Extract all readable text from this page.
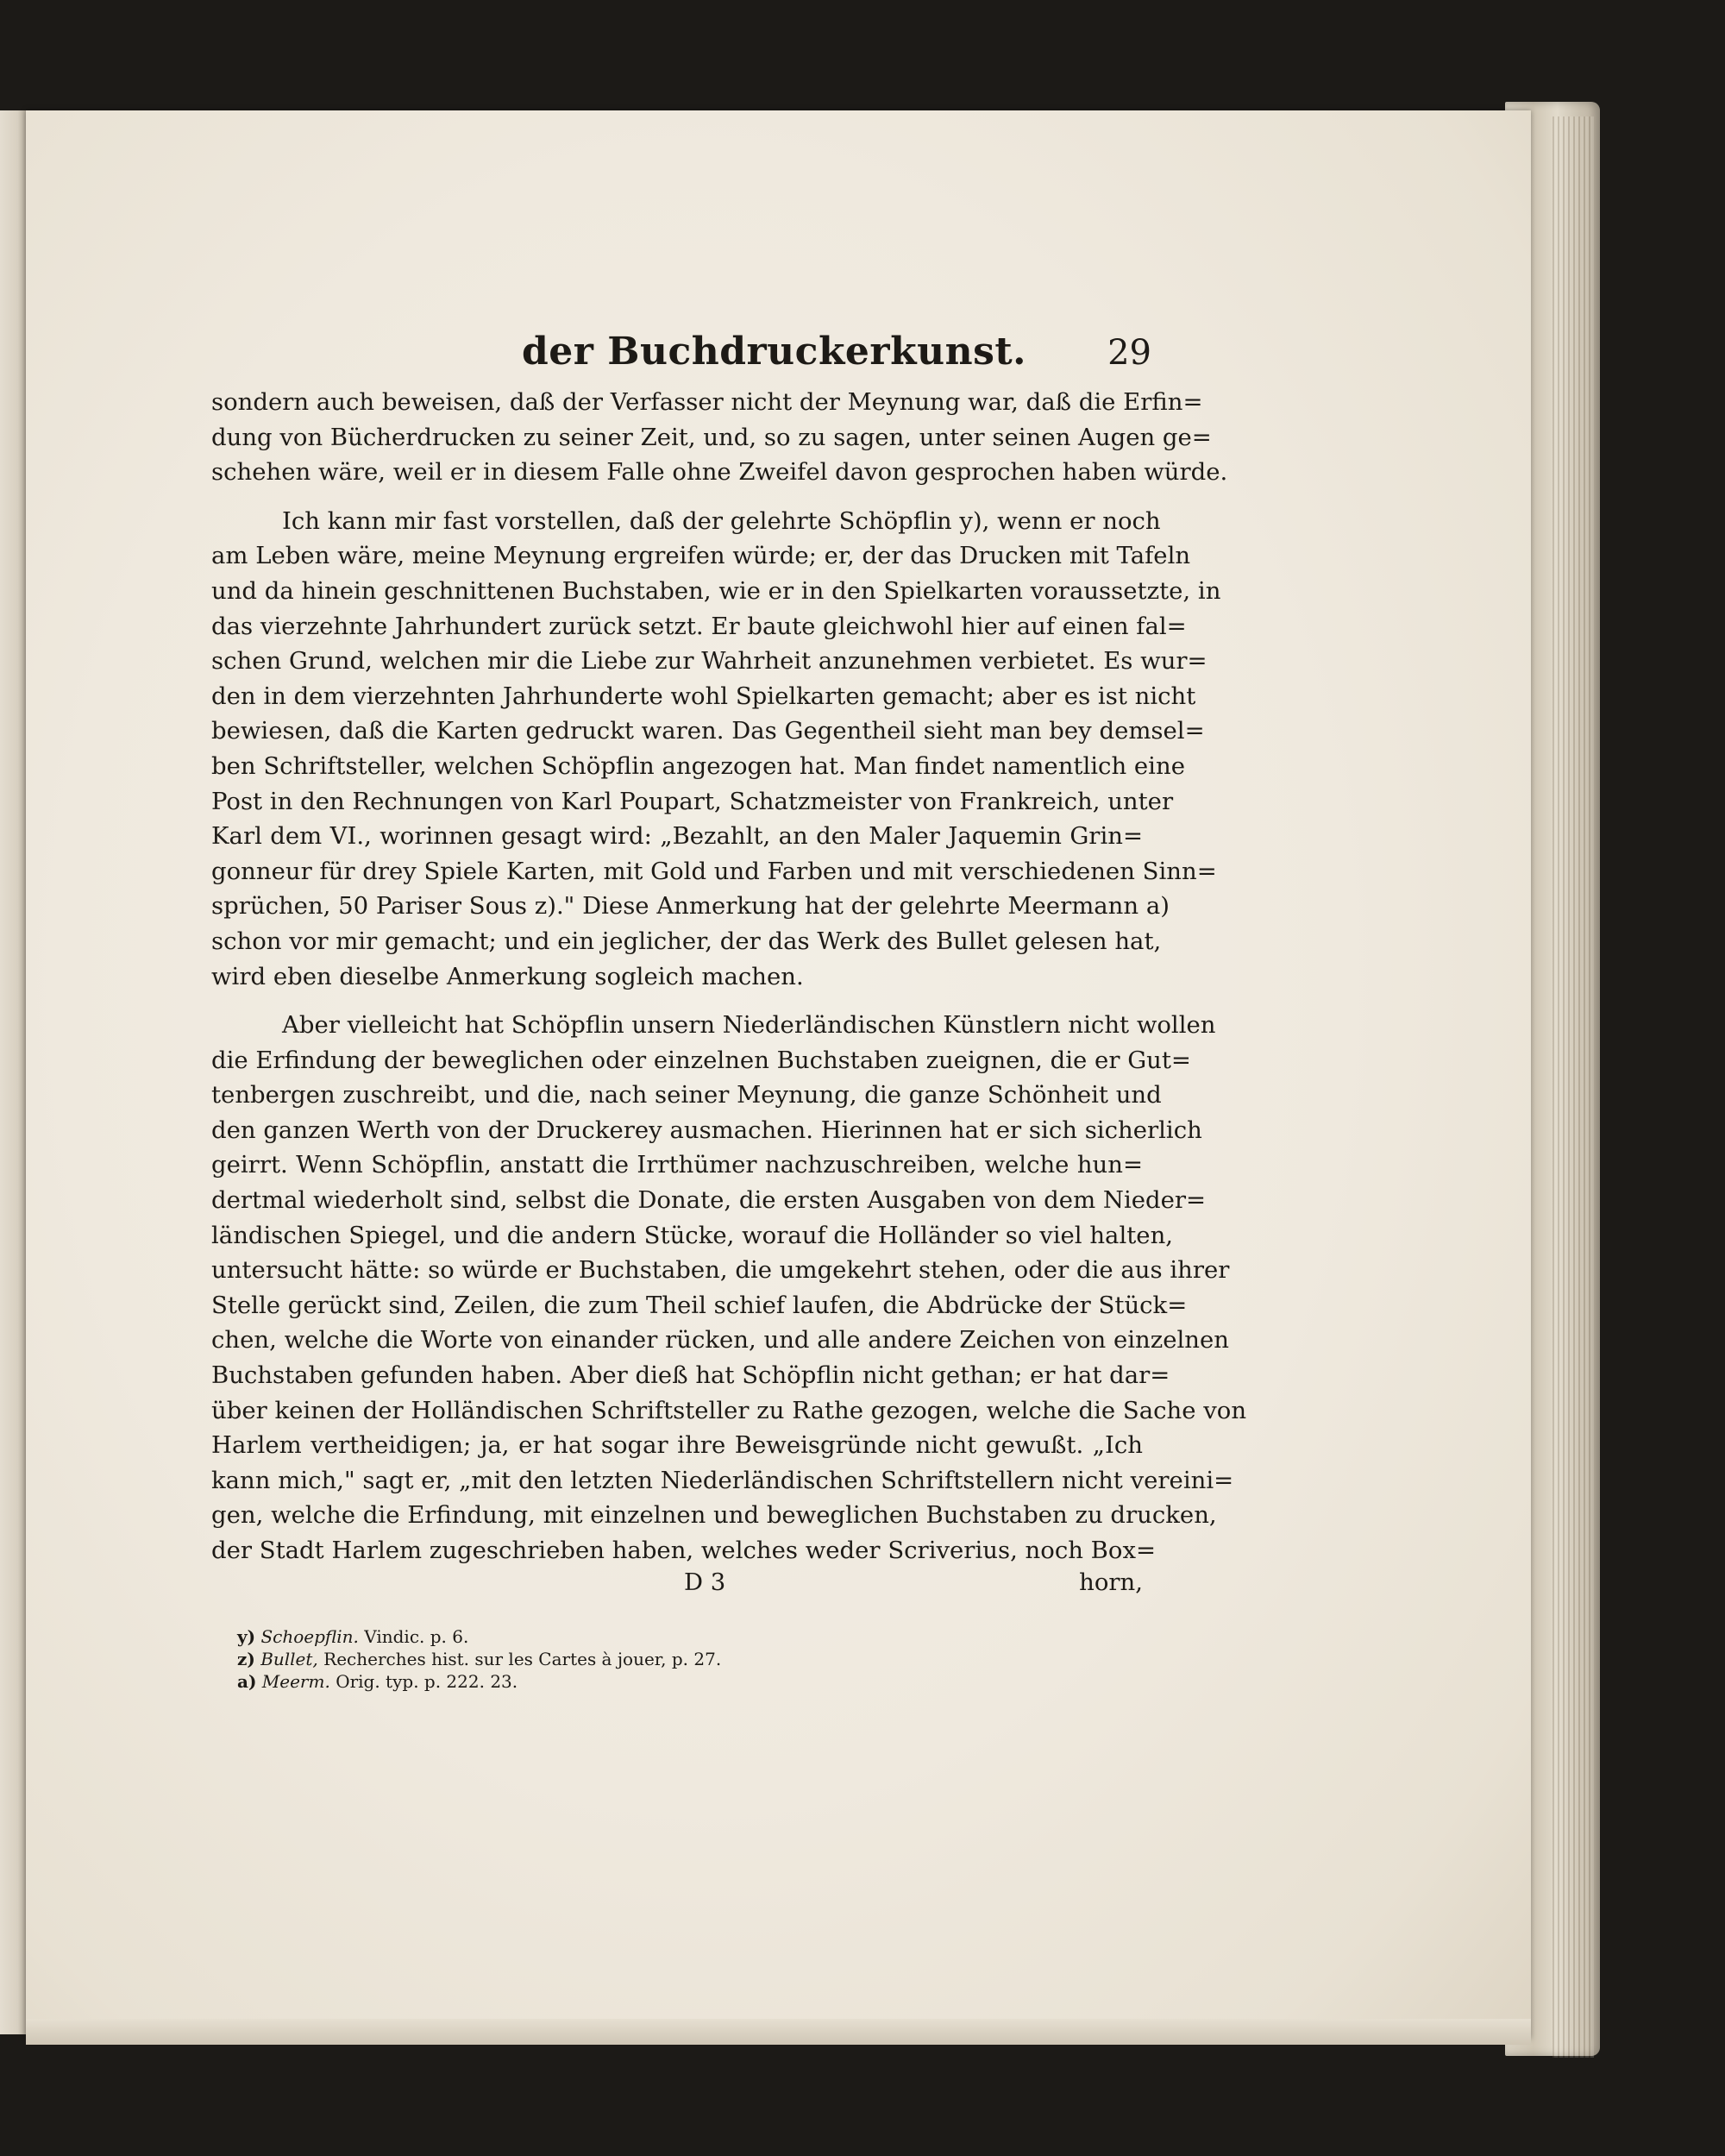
der Buchdruckerkunst. 29
sondern auch beweisen, daß der Verfasser nicht der Meynung war, daß die Erfin=
dung von Bücherdrucken zu seiner Zeit, und, so zu sagen, unter seinen Augen ge=
schehen wäre, weil er in diesem Falle ohne Zweifel davon gesprochen haben würde.
Ich kann mir fast vorstellen, daß der gelehrte Schöpflin y), wenn er noch
am Leben wäre, meine Meynung ergreifen würde; er, der das Drucken mit Tafeln
und da hinein geschnittenen Buchstaben, wie er in den Spielkarten voraussetzte, in
das vierzehnte Jahrhundert zurück setzt. Er baute gleichwohl hier auf einen fal=
schen Grund, welchen mir die Liebe zur Wahrheit anzunehmen verbietet. Es wur=
den in dem vierzehnten Jahrhunderte wohl Spielkarten gemacht; aber es ist nicht
bewiesen, daß die Karten gedruckt waren. Das Gegentheil sieht man bey demsel=
ben Schriftsteller, welchen Schöpflin angezogen hat. Man findet namentlich eine
Post in den Rechnungen von Karl Poupart, Schatzmeister von Frankreich, unter
Karl dem VI., worinnen gesagt wird: „Bezahlt, an den Maler Jaquemin Grin=
gonneur für drey Spiele Karten, mit Gold und Farben und mit verschiedenen Sinn=
sprüchen, 50 Pariser Sous z)." Diese Anmerkung hat der gelehrte Meermann a)
schon vor mir gemacht; und ein jeglicher, der das Werk des Bullet gelesen hat,
wird eben dieselbe Anmerkung sogleich machen.
Aber vielleicht hat Schöpflin unsern Niederländischen Künstlern nicht wollen
die Erfindung der beweglichen oder einzelnen Buchstaben zueignen, die er Gut=
tenbergen zuschreibt, und die, nach seiner Meynung, die ganze Schönheit und
den ganzen Werth von der Druckerey ausmachen. Hierinnen hat er sich sicherlich
geirrt. Wenn Schöpflin, anstatt die Irrthümer nachzuschreiben, welche hun=
dertmal wiederholt sind, selbst die Donate, die ersten Ausgaben von dem Nieder=
ländischen Spiegel, und die andern Stücke, worauf die Holländer so viel halten,
untersucht hätte: so würde er Buchstaben, die umgekehrt stehen, oder die aus ihrer
Stelle gerückt sind, Zeilen, die zum Theil schief laufen, die Abdrücke der Stück=
chen, welche die Worte von einander rücken, und alle andere Zeichen von einzelnen
Buchstaben gefunden haben. Aber dieß hat Schöpflin nicht gethan; er hat dar=
über keinen der Holländischen Schriftsteller zu Rathe gezogen, welche die Sache von
Harlem vertheidigen; ja, er hat sogar ihre Beweisgründe nicht gewußt. „Ich
kann mich," sagt er, „mit den letzten Niederländischen Schriftstellern nicht vereini=
gen, welche die Erfindung, mit einzelnen und beweglichen Buchstaben zu drucken,
der Stadt Harlem zugeschrieben haben, welches weder Scriverius, noch Box=
D 3	horn,
y) Schoepflin. Vindic. p. 6.
z) Bullet, Recherches hist. sur les Cartes à jouer, p. 27.
a) Meerm. Orig. typ. p. 222. 23.
